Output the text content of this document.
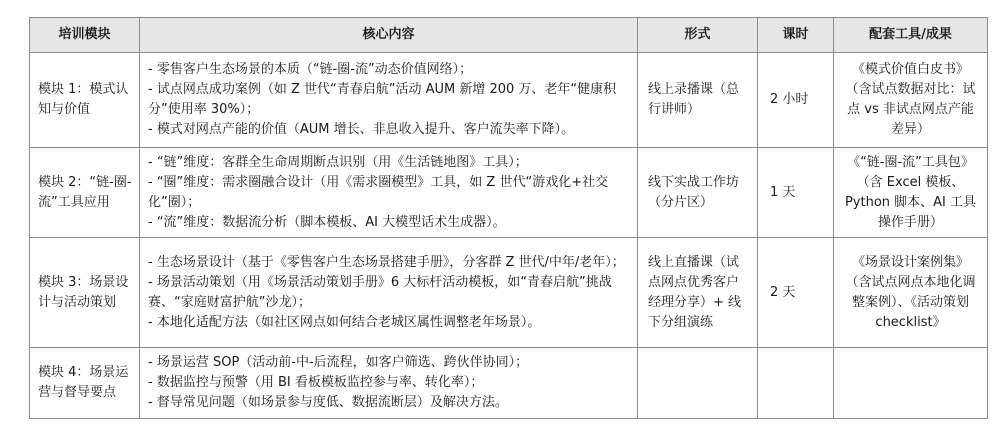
培训模块	核心内容	形式	课时	配套工具/成果
模块 1：模式认知与价值	- 零售客户生态场景的本质（“链-圈-流”动态价值网络）；
- 试点网点成功案例（如 Z 世代“青春启航”活动 AUM 新增 200 万、老年“健康积分”使用率 30%）；
- 模式对网点产能的价值（AUM 增长、非息收入提升、客户流失率下降）。	线上录播课（总行讲师）	2 小时	《模式价值白皮书》（含试点数据对比：试点 vs 非试点网点产能差异）
模块 2：“链-圈-流”工具应用	- “链”维度：客群全生命周期断点识别（用《生活链地图》工具）；
- “圈”维度：需求圈融合设计（用《需求圈模型》工具，如 Z 世代“游戏化+社交化”圈）；
- “流”维度：数据流分析（脚本模板、AI 大模型话术生成器）。	线下实战工作坊（分片区）	1 天	《“链-圈-流”工具包》（含 Excel 模板、Python 脚本、AI 工具操作手册）
模块 3：场景设计与活动策划	- 生态场景设计（基于《零售客户生态场景搭建手册》，分客群 Z 世代/中年/老年）；
- 场景活动策划（用《场景活动策划手册》6 大标杆活动模板，如“青春启航”挑战赛、“家庭财富护航”沙龙）；
- 本地化适配方法（如社区网点如何结合老城区属性调整老年场景）。	线上直播课（试点网点优秀客户经理分享）+ 线下分组演练	2 天	《场景设计案例集》（含试点网点本地化调整案例）、《活动策划 checklist》
模块 4：场景运营与督导要点	- 场景运营 SOP（活动前-中-后流程，如客户筛选、跨伙伴协同）；
- 数据监控与预警（用 BI 看板模板监控参与率、转化率）；
- 督导常见问题（如场景参与度低、数据流断层）及解决方法。			
